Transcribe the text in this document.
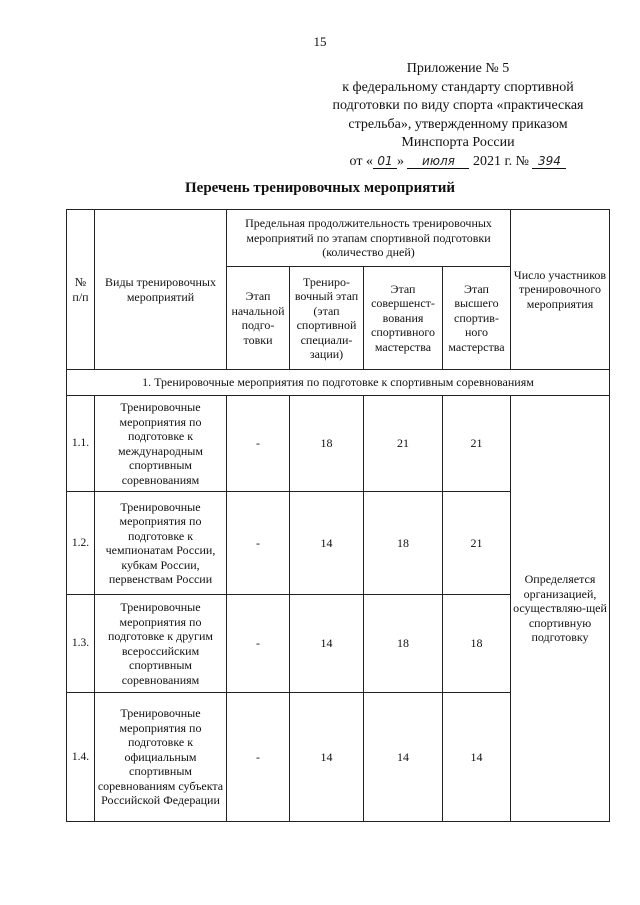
15
Приложение № 5
к федеральному стандарту спортивной
подготовки по виду спорта «практическая
стрельба», утвержденному приказом
Минспорта России
от « 01 » июля 2021 г. № 394
Перечень тренировочных мероприятий
№ п/п	Виды тренировочных мероприятий	Предельная продолжительность тренировочных мероприятий по этапам спортивной подготовки (количество дней)				Число участников тренировочного мероприятия
		Этап начальной подго-товки	Трениро-вочный этап (этап спортивной специали-зации)	Этап совершенст-вования спортивного мастерства	Этап высшего спортив-ного мастерства	
1. Тренировочные мероприятия по подготовке к спортивным соревнованиям						
1.1.	Тренировочные мероприятия по подготовке к международным спортивным соревнованиям	-	18	21	21	Определяется организацией, осуществляю-щей спортивную подготовку
1.2.	Тренировочные мероприятия по подготовке к чемпионатам России, кубкам России, первенствам России	-	14	18	21	
1.3.	Тренировочные мероприятия по подготовке к другим всероссийским спортивным соревнованиям	-	14	18	18	
1.4.	Тренировочные мероприятия по подготовке к официальным спортивным соревнованиям субъекта Российской Федерации	-	14	14	14	
